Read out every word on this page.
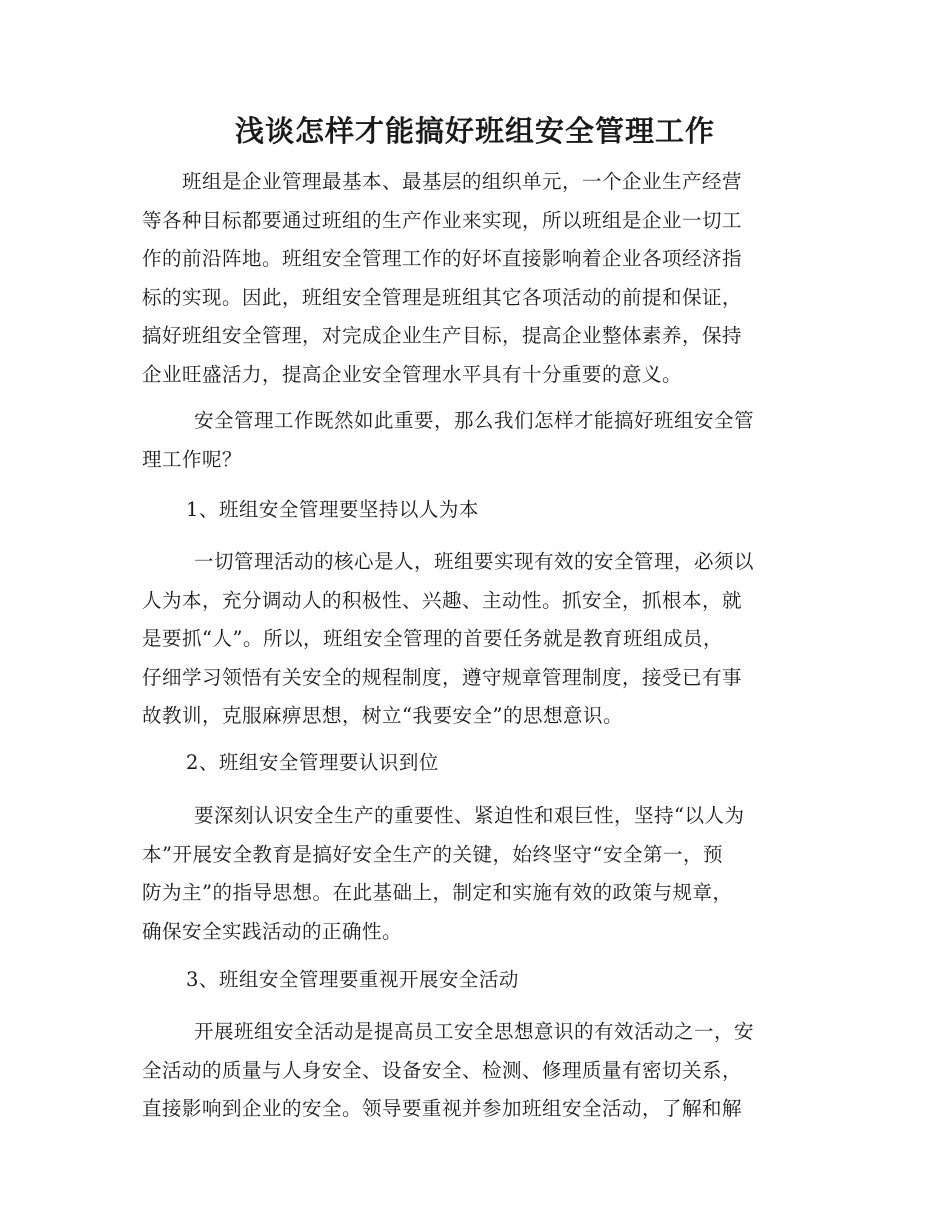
浅谈怎样才能搞好班组安全管理工作

班组是企业管理最基本、最基层的组织单元，一个企业生产经营
等各种目标都要通过班组的生产作业来实现，所以班组是企业一切工
作的前沿阵地。班组安全管理工作的好坏直接影响着企业各项经济指
标的实现。因此，班组安全管理是班组其它各项活动的前提和保证，
搞好班组安全管理，对完成企业生产目标，提高企业整体素养，保持
企业旺盛活力，提高企业安全管理水平具有十分重要的意义。

安全管理工作既然如此重要，那么我们怎样才能搞好班组安全管
理工作呢？

1、班组安全管理要坚持以人为本

一切管理活动的核心是人，班组要实现有效的安全管理，必须以
人为本，充分调动人的积极性、兴趣、主动性。抓安全，抓根本，就
是要抓“人”。所以，班组安全管理的首要任务就是教育班组成员，
仔细学习领悟有关安全的规程制度，遵守规章管理制度，接受已有事
故教训，克服麻痹思想，树立“我要安全”的思想意识。

2、班组安全管理要认识到位

要深刻认识安全生产的重要性、紧迫性和艰巨性，坚持“以人为
本”开展安全教育是搞好安全生产的关键，始终坚守“安全第一，预
防为主”的指导思想。在此基础上，制定和实施有效的政策与规章，
确保安全实践活动的正确性。

3、班组安全管理要重视开展安全活动

开展班组安全活动是提高员工安全思想意识的有效活动之一，安
全活动的质量与人身安全、设备安全、检测、修理质量有密切关系，
直接影响到企业的安全。领导要重视并参加班组安全活动，了解和解
